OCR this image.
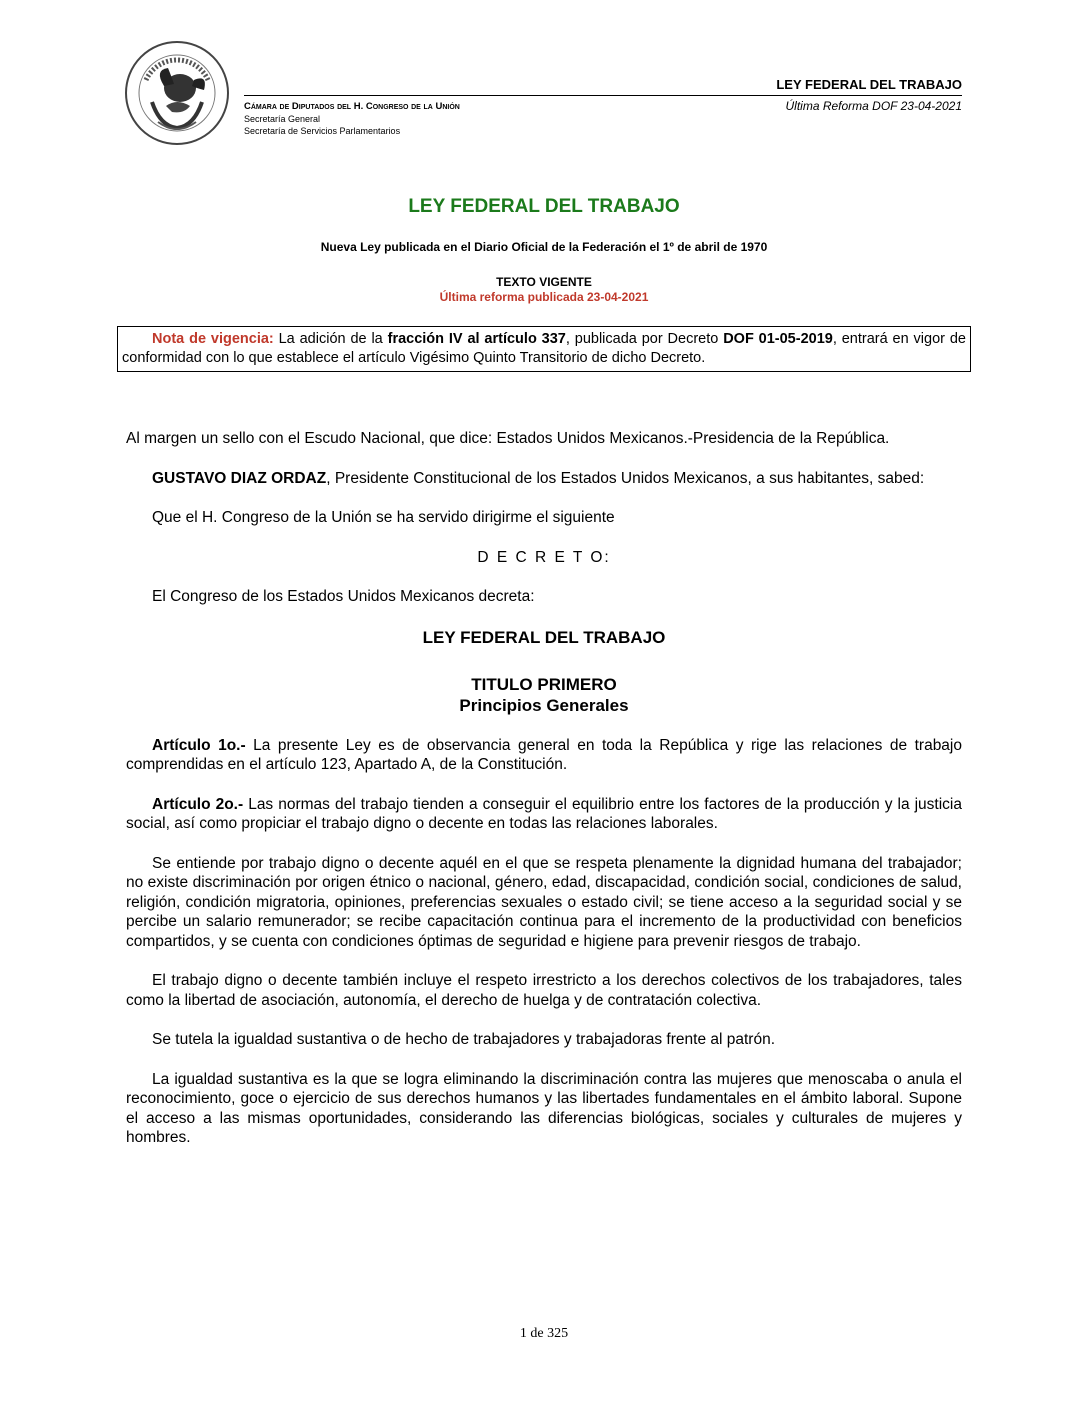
Cámara de Diputados del H. Congreso de la Unión
Secretaría General
Secretaría de Servicios Parlamentarios
LEY FEDERAL DEL TRABAJO
Última Reforma DOF 23-04-2021
LEY FEDERAL DEL TRABAJO
Nueva Ley publicada en el Diario Oficial de la Federación el 1º de abril de 1970
TEXTO VIGENTE
Última reforma publicada 23-04-2021
Nota de vigencia: La adición de la fracción IV al artículo 337, publicada por Decreto DOF 01-05-2019, entrará en vigor de conformidad con lo que establece el artículo Vigésimo Quinto Transitorio de dicho Decreto.

Al margen un sello con el Escudo Nacional, que dice: Estados Unidos Mexicanos.-Presidencia de la República.

GUSTAVO DIAZ ORDAZ, Presidente Constitucional de los Estados Unidos Mexicanos, a sus habitantes, sabed:

Que el H. Congreso de la Unión se ha servido dirigirme el siguiente

D E C R E T O:

El Congreso de los Estados Unidos Mexicanos decreta:

LEY FEDERAL DEL TRABAJO

TITULO PRIMERO

Principios Generales

Artículo 1o.- La presente Ley es de observancia general en toda la República y rige las relaciones de trabajo comprendidas en el artículo 123, Apartado A, de la Constitución.

Artículo 2o.- Las normas del trabajo tienden a conseguir el equilibrio entre los factores de la producción y la justicia social, así como propiciar el trabajo digno o decente en todas las relaciones laborales.

Se entiende por trabajo digno o decente aquél en el que se respeta plenamente la dignidad humana del trabajador; no existe discriminación por origen étnico o nacional, género, edad, discapacidad, condición social, condiciones de salud, religión, condición migratoria, opiniones, preferencias sexuales o estado civil; se tiene acceso a la seguridad social y se percibe un salario remunerador; se recibe capacitación continua para el incremento de la productividad con beneficios compartidos, y se cuenta con condiciones óptimas de seguridad e higiene para prevenir riesgos de trabajo.

El trabajo digno o decente también incluye el respeto irrestricto a los derechos colectivos de los trabajadores, tales como la libertad de asociación, autonomía, el derecho de huelga y de contratación colectiva.

Se tutela la igualdad sustantiva o de hecho de trabajadores y trabajadoras frente al patrón.

La igualdad sustantiva es la que se logra eliminando la discriminación contra las mujeres que menoscaba o anula el reconocimiento, goce o ejercicio de sus derechos humanos y las libertades fundamentales en el ámbito laboral. Supone el acceso a las mismas oportunidades, considerando las diferencias biológicas, sociales y culturales de mujeres y hombres.

1 de 325
